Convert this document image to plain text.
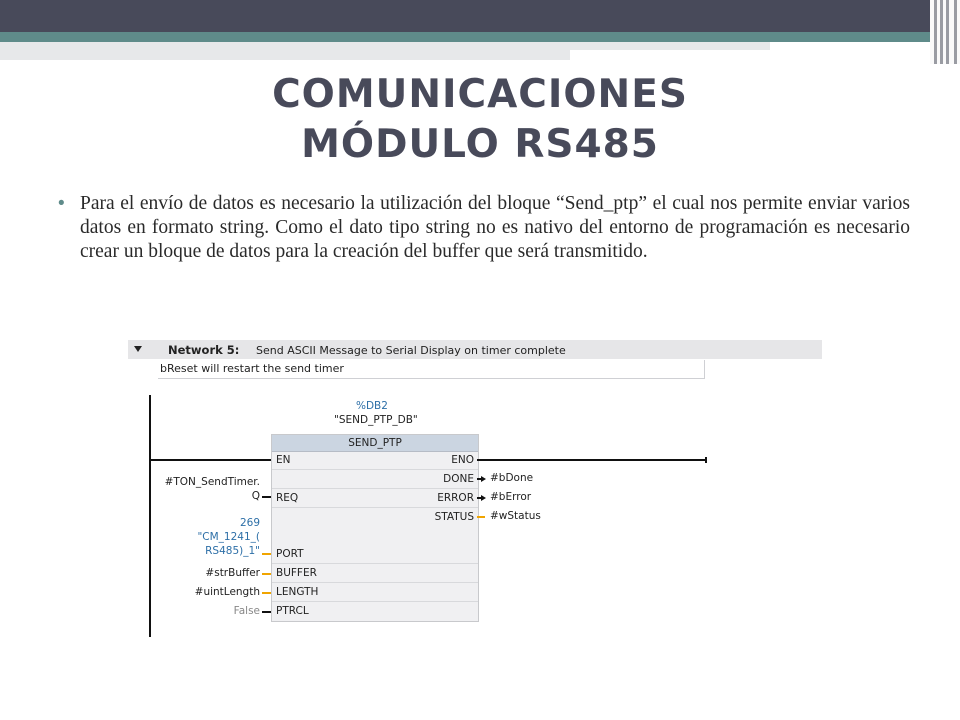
COMUNICACIONES
MÓDULO RS485
• Para el envío de datos es necesario la utilización del bloque “Send_ptp” el cual nos permite enviar varios datos en formato string. Como el dato tipo string no es nativo del entorno de programación es necesario crear un bloque de datos para la creación del buffer que será transmitido.
Network 5: Send ASCII Message to Serial Display on timer complete
bReset will restart the send timer
%DB2
"SEND_PTP_DB"
SEND_PTP
EN	ENO
DONE
REQ	ERROR
STATUS
PORT
BUFFER
LENGTH
PTRCL
#TON_SendTimer.
Q
#bDone
#bError
#wStatus
269
"CM_1241_(
RS485)_1"
#strBuffer
#uintLength
False
